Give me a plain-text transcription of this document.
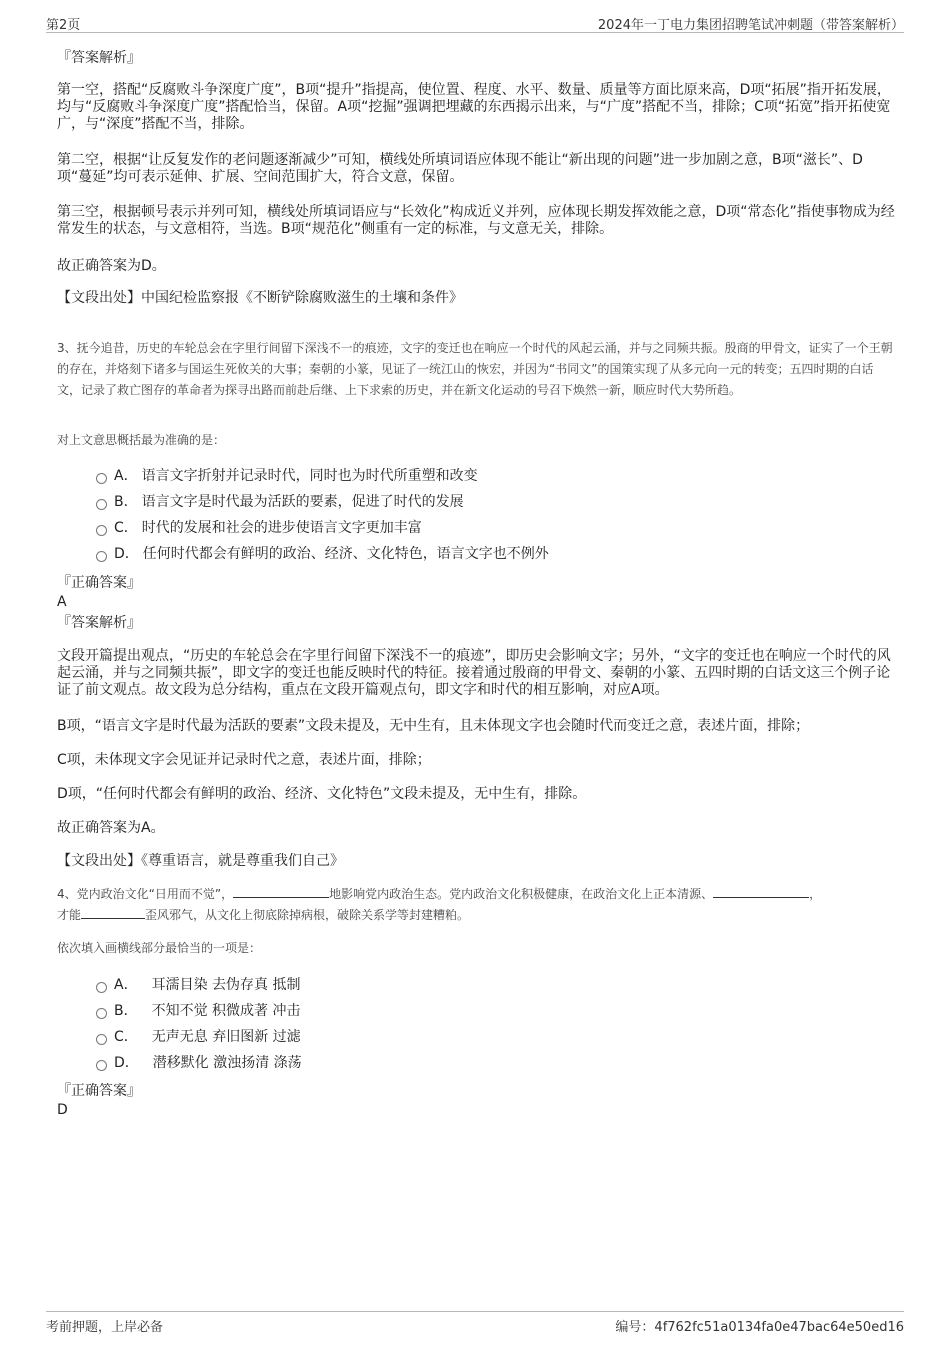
第2页	2024年一丁电力集团招聘笔试冲刺题（带答案解析）
『答案解析』
第一空，搭配“反腐败斗争深度广度”，B项“提升”指提高，使位置、程度、水平、数量、质量等方面比原来高，D项“拓展”指开拓发展，均与“反腐败斗争深度广度”搭配恰当，保留。A项“挖掘”强调把埋藏的东西揭示出来，与“广度”搭配不当，排除；C项“拓宽”指开拓使宽广，与“深度”搭配不当，排除。
第二空，根据“让反复发作的老问题逐渐减少”可知，横线处所填词语应体现不能让“新出现的问题”进一步加剧之意，B项“滋长”、D项“蔓延”均可表示延伸、扩展、空间范围扩大，符合文意，保留。
第三空，根据顿号表示并列可知，横线处所填词语应与“长效化”构成近义并列，应体现长期发挥效能之意，D项“常态化”指使事物成为经常发生的状态，与文意相符，当选。B项“规范化”侧重有一定的标准，与文意无关，排除。
故正确答案为D。
【文段出处】中国纪检监察报《不断铲除腐败滋生的土壤和条件》
3、抚今追昔，历史的车轮总会在字里行间留下深浅不一的痕迹，文字的变迁也在响应一个时代的风起云涌，并与之同频共振。殷商的甲骨文，证实了一个王朝的存在，并烙刻下诸多与国运生死攸关的大事；秦朝的小篆，见证了一统江山的恢宏，并因为“书同文”的国策实现了从多元向一元的转变；五四时期的白话文，记录了救亡图存的革命者为探寻出路而前赴后继、上下求索的历史，并在新文化运动的号召下焕然一新，顺应时代大势所趋。
对上文意思概括最为准确的是：
A． 语言文字折射并记录时代，同时也为时代所重塑和改变
B． 语言文字是时代最为活跃的要素，促进了时代的发展
C． 时代的发展和社会的进步使语言文字更加丰富
D． 任何时代都会有鲜明的政治、经济、文化特色，语言文字也不例外
『正确答案』
A
『答案解析』
文段开篇提出观点，“历史的车轮总会在字里行间留下深浅不一的痕迹”，即历史会影响文字；另外，“文字的变迁也在响应一个时代的风起云涌，并与之同频共振”，即文字的变迁也能反映时代的特征。接着通过殷商的甲骨文、秦朝的小篆、五四时期的白话文这三个例子论证了前文观点。故文段为总分结构，重点在文段开篇观点句，即文字和时代的相互影响，对应A项。
B项，“语言文字是时代最为活跃的要素”文段未提及，无中生有，且未体现文字也会随时代而变迁之意，表述片面，排除；
C项，未体现文字会见证并记录时代之意，表述片面，排除；
D项，“任何时代都会有鲜明的政治、经济、文化特色”文段未提及，无中生有，排除。
故正确答案为A。
【文段出处】《尊重语言，就是尊重我们自己》
4、党内政治文化“日用而不觉”，	地影响党内政治生态。党内政治文化积极健康，在政治文化上正本清源、	，
才能	歪风邪气，从文化上彻底除掉病根，破除关系学等封建糟粕。
依次填入画横线部分最恰当的一项是：
A． 耳濡目染 去伪存真 抵制
B． 不知不觉 积微成著 冲击
C． 无声无息 弃旧图新 过滤
D． 潜移默化 激浊扬清 涤荡
『正确答案』
D
考前押题，上岸必备	编号：4f762fc51a0134fa0e47bac64e50ed16
